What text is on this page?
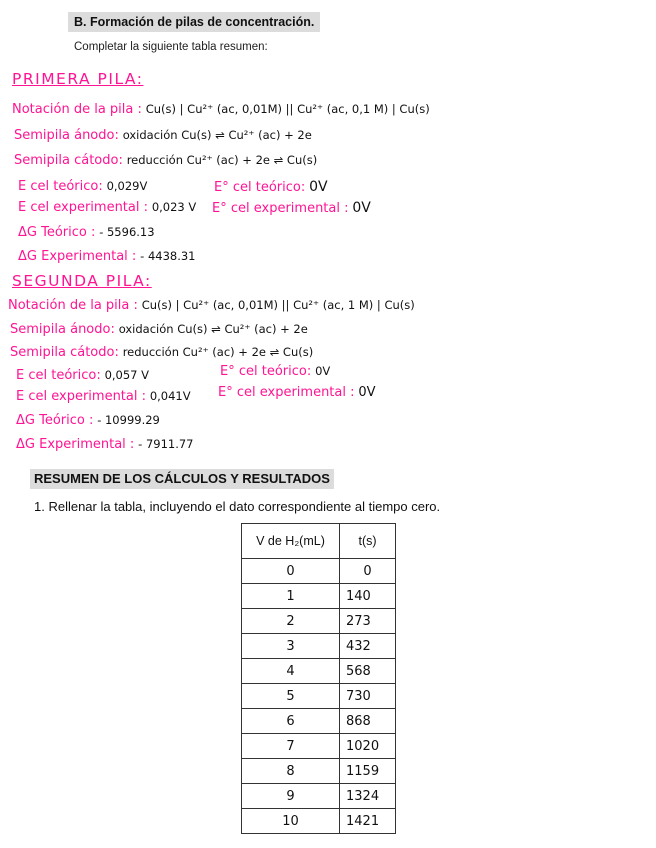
B. Formación de pilas de concentración.
Completar la siguiente tabla resumen:
PRIMERA PILA:
Notación de la pila : Cu(s) | Cu²⁺ (ac, 0,01M) || Cu²⁺ (ac, 0,1 M) | Cu(s)
Semipila ánodo: oxidación Cu(s) ⇌ Cu²⁺ (ac) + 2e
Semipila cátodo: reducción Cu²⁺ (ac) + 2e ⇌ Cu(s)
E cel teórico: 0,029V	E° cel teórico: 0V
E cel experimental : 0,023 V E° cel experimental : 0V
ΔG Teórico : - 5596.13
ΔG Experimental : - 4438.31
SEGUNDA PILA:
Notación de la pila : Cu(s) | Cu²⁺ (ac, 0,01M) || Cu²⁺ (ac, 1 M) | Cu(s)
Semipila ánodo: oxidación Cu(s) ⇌ Cu²⁺ (ac) + 2e
Semipila cátodo: reducción Cu²⁺ (ac) + 2e ⇌ Cu(s)
E cel teórico: 0,057 V	E° cel teórico: 0V
E cel experimental : 0,041V E° cel experimental : 0V
ΔG Teórico : - 10999.29
ΔG Experimental : - 7911.77
RESUMEN DE LOS CÁLCULOS Y RESULTADOS
1. Rellenar la tabla, incluyendo el dato correspondiente al tiempo cero.
V de H₂(mL)	t(s)
0	0
1	140
2	273
3	432
4	568
5	730
6	868
7	1020
8	1159
9	1324
10	1421
